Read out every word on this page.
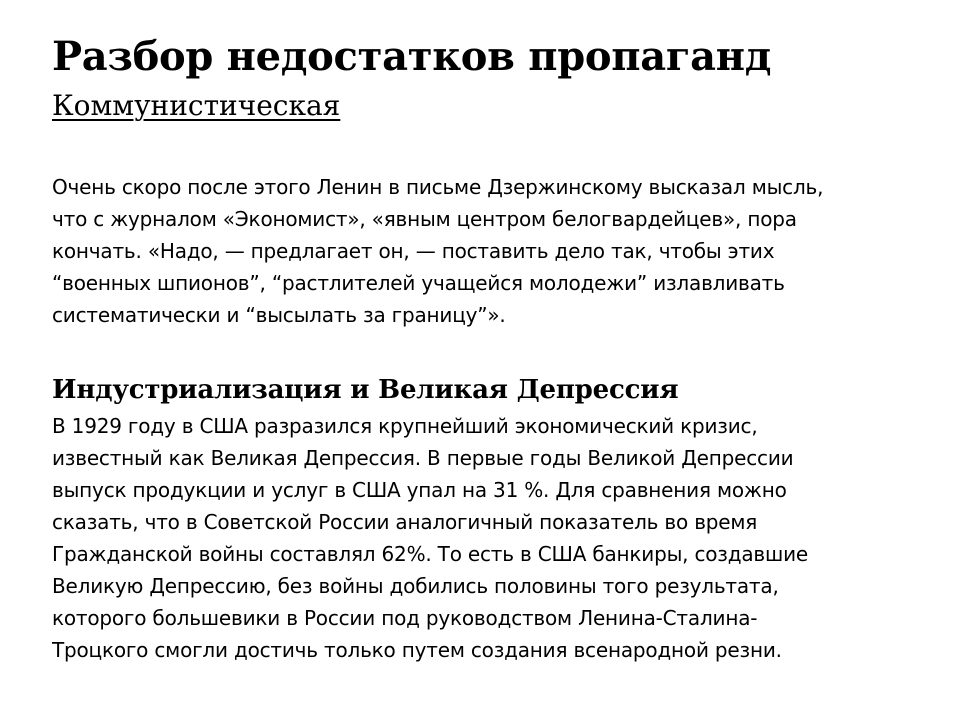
Разбор недостатков пропаганд
Коммунистическая

Очень скоро после этого Ленин в письме Дзержинскому высказал мысль,
что с журналом «Экономист», «явным центром белогвардейцев», пора
кончать. «Надо, — предлагает он, — поставить дело так, чтобы этих
“военных шпионов”, “растлителей учащейся молодежи” излавливать
систематически и “высылать за границу”».

Индустриализация и Великая Депрессия

В 1929 году в США разразился крупнейший экономический кризис,
известный как Великая Депрессия. В первые годы Великой Депрессии
выпуск продукции и услуг в США упал на 31 %. Для сравнения можно
сказать, что в Советской России аналогичный показатель во время
Гражданской войны составлял 62%. То есть в США банкиры, создавшие
Великую Депрессию, без войны добились половины того результата,
которого большевики в России под руководством Ленина-Сталина-
Троцкого смогли достичь только путем создания всенародной резни.
